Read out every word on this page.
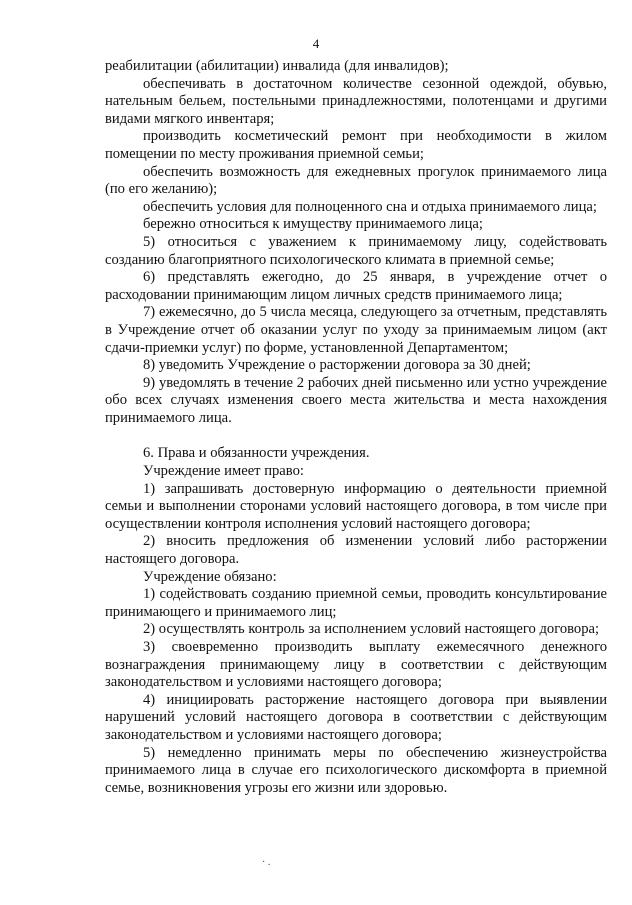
4
реабилитации (абилитации) инвалида (для инвалидов);
обеспечивать в достаточном количестве сезонной одеждой, обувью, нательным бельем, постельными принадлежностями, полотенцами и другими видами мягкого инвентаря;
производить косметический ремонт при необходимости в жилом помещении по месту проживания приемной семьи;
обеспечить возможность для ежедневных прогулок принимаемого лица (по его желанию);
обеспечить условия для полноценного сна и отдыха принимаемого лица;
бережно относиться к имуществу принимаемого лица;
5) относиться с уважением к принимаемому лицу, содействовать созданию благоприятного психологического климата в приемной семье;
6) представлять ежегодно, до 25 января, в учреждение отчет о расходовании принимающим лицом личных средств принимаемого лица;
7) ежемесячно, до 5 числа месяца, следующего за отчетным, представлять в Учреждение отчет об оказании услуг по уходу за принимаемым лицом (акт сдачи-приемки услуг) по форме, установленной Департаментом;
8) уведомить Учреждение о расторжении договора за 30 дней;
9) уведомлять в течение 2 рабочих дней письменно или устно учреждение обо всех случаях изменения своего места жительства и места нахождения принимаемого лица.
6. Права и обязанности учреждения.
Учреждение имеет право:
1) запрашивать достоверную информацию о деятельности приемной семьи и выполнении сторонами условий настоящего договора, в том числе при осуществлении контроля исполнения условий настоящего договора;
2) вносить предложения об изменении условий либо расторжении настоящего договора.
Учреждение обязано:
1) содействовать созданию приемной семьи, проводить консультирование принимающего и принимаемого лиц;
2) осуществлять контроль за исполнением условий настоящего договора;
3) своевременно производить выплату ежемесячного денежного вознаграждения принимающему лицу в соответствии с действующим законодательством и условиями настоящего договора;
4) инициировать расторжение настоящего договора при выявлении нарушений условий настоящего договора в соответствии с действующим законодательством и условиями настоящего договора;
5) немедленно принимать меры по обеспечению жизнеустройства принимаемого лица в случае его психологического дискомфорта в приемной семье, возникновения угрозы его жизни или здоровью.
· .
